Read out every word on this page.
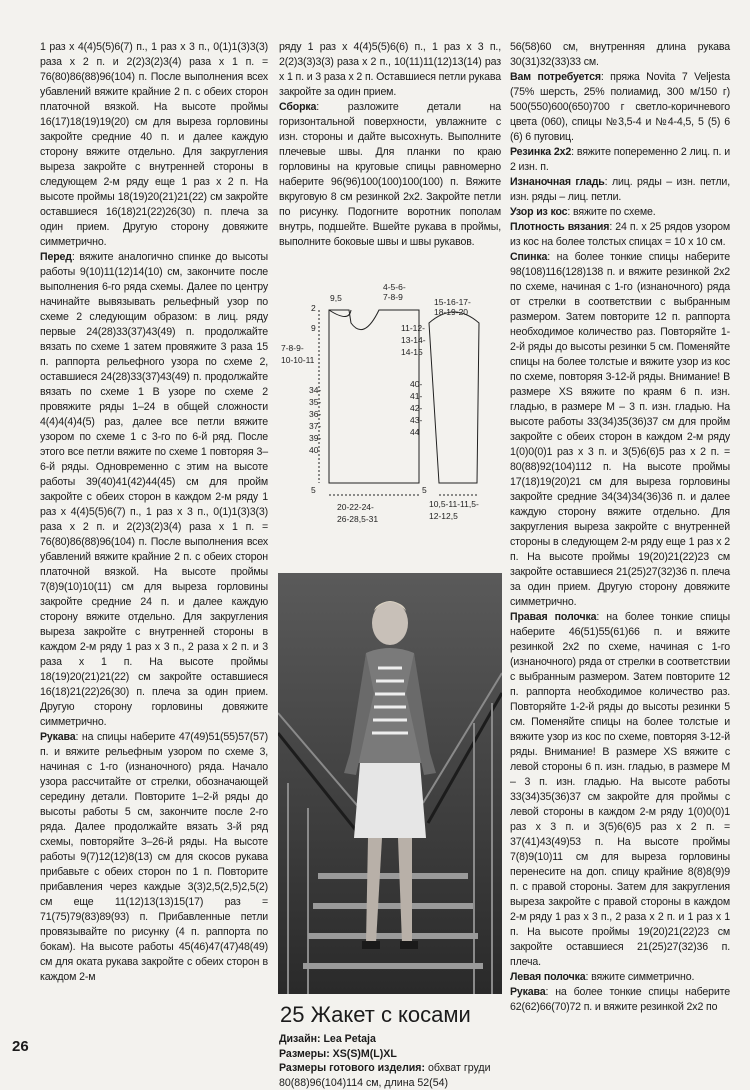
1 раз x 4(4)5(5)6(7) п., 1 раз x 3 п., 0(1)1(3)3(3) раза x 2 п. и 2(2)3(2)3(4) раза x 1 п. = 76(80)86(88)96(104) п. После выполнения всех убавлений вяжите крайние 2 п. с обеих сторон платочной вязкой. На высоте проймы 16(17)18(19)19(20) см для выреза горловины закройте средние 40 п. и далее каждую сторону вяжите отдельно. Для закругления выреза закройте с внутренней стороны в следующем 2-м ряду еще 1 раз x 2 п. На высоте проймы 18(19)20(21)21(22) см закройте оставшиеся 16(18)21(22)26(30) п. плеча за один прием. Другую сторону довяжите симметрично.

Перед: вяжите аналогично спинке до высоты работы 9(10)11(12)14(10) см, закончите после выполнения 6-го ряда схемы. Далее по центру начинайте вывязывать рельефный узор по схеме 2 следующим образом: в лиц. ряду первые 24(28)33(37)43(49) п. продолжайте вязать по схеме 1 затем провяжите 3 раза 15 п. раппорта рельефного узора по схеме 2, оставшиеся 24(28)33(37)43(49) п. продолжайте вязать по схеме 1 В узоре по схеме 2 провяжите ряды 1–24 в общей сложности 4(4)4(4)4(5) раз, далее все петли вяжите узором по схеме 1 с 3-го по 6-й ряд. После этого все петли вяжите по схеме 1 повторяя 3–6-й ряды. Одновременно с этим на высоте работы 39(40)41(42)44(45) см для пройм закройте с обеих сторон в каждом 2-м ряду 1 раз x 4(4)5(5)6(7) п., 1 раз x 3 п., 0(1)1(3)3(3) раза x 2 п. и 2(2)3(2)3(4) раза x 1 п. = 76(80)86(88)96(104) п. После выполнения всех убавлений вяжите крайние 2 п. с обеих сторон платочной вязкой. На высоте проймы 7(8)9(10)10(11) см для выреза горловины закройте средние 24 п. и далее каждую сторону вяжите отдельно. Для закругления выреза закройте с внутренней стороны в каждом 2-м ряду 1 раз x 3 п., 2 раза x 2 п. и 3 раза x 1 п. На высоте проймы 18(19)20(21)21(22) см закройте оставшиеся 16(18)21(22)26(30) п. плеча за один прием. Другую сторону горловины довяжите симметрично.

Рукава: на спицы наберите 47(49)51(55)57(57) п. и вяжите рельефным узором по схеме 3, начиная с 1-го (изнаночного) ряда. Начало узора рассчитайте от стрелки, обозначающей середину детали. Повторите 1–2-й ряды до высоты работы 5 см, закончите после 2-го ряда. Далее продолжайте вязать 3-й ряд схемы, повторяйте 3–26-й ряды. На высоте работы 9(7)12(12)8(13) см для скосов рукава прибавьте с обеих сторон по 1 п. Повторите прибавления через каждые 3(3)2,5(2,5)2,5(2) см еще 11(12)13(13)15(17) раз = 71(75)79(83)89(93) п. Прибавленные петли провязывайте по рисунку (4 п. раппорта по бокам). На высоте работы 45(46)47(47)48(49) см для оката рукава закройте с обеих сторон в каждом 2-м

ряду 1 раз x 4(4)5(5)6(6) п., 1 раз x 3 п., 2(2)3(3)3(3) раза x 2 п., 10(11)11(12)13(14) раз x 1 п. и 3 раза x 2 п. Оставшиеся петли рукава закройте за один прием.

Сборка: разложите детали на горизонтальной поверхности, увлажните с изн. стороны и дайте высохнуть. Выполните плечевые швы. Для планки по краю горловины на круговые спицы равномерно наберите 96(96)100(100)100(100) п. Вяжите вкруговую 8 см резинкой 2x2. Закройте петли по рисунку. Подогните воротник пополам внутрь, подшейте. Вшейте рукава в проймы, выполните боковые швы и швы рукавов.

9,5
4-5-6-
7-8-9
2
9
7-8-9-
10-10-11
34-
35-
36-
37-
39-
40
5
20-22-24-
26-28,5-31
15-16-17-
18-19-20
11-12-
13-14-
14-15
40-
41-
42-
43-
44
5
10,5-11-11,5-
12-12,5
25 Жакет с косами
Дизайн: Lea Petaja
Размеры: XS(S)M(L)XL
Размеры готового изделия: обхват груди 80(88)96(104)114 см, длина 52(54)

56(58)60 см, внутренняя длина рукава 30(31)32(33)33 см.

Вам потребуется: пряжа Novita 7 Veljesta (75% шерсть, 25% полиамид, 300 м/150 г) 500(550)600(650)700 г светло-коричневого цвета (060), спицы №3,5-4 и №4-4,5, 5 (5) 6 (6) 6 пуговиц.

Резинка 2x2: вяжите попеременно 2 лиц. п. и 2 изн. п.

Изнаночная гладь: лиц. ряды – изн. петли, изн. ряды – лиц. петли.

Узор из кос: вяжите по схеме.

Плотность вязания: 24 п. x 25 рядов узором из кос на более толстых спицах = 10 x 10 см.

Спинка: на более тонкие спицы наберите 98(108)116(128)138 п. и вяжите резинкой 2x2 по схеме, начиная с 1-го (изнаночного) ряда от стрелки в соответствии с выбранным размером. Затем повторите 12 п. раппорта необходимое количество раз. Повторяйте 1-2-й ряды до высоты резинки 5 см. Поменяйте спицы на более толстые и вяжите узор из кос по схеме, повторяя 3-12-й ряды. Внимание! В размере XS вяжите по краям 6 п. изн. гладью, в размере M – 3 п. изн. гладью. На высоте работы 33(34)35(36)37 см для пройм закройте с обеих сторон в каждом 2-м ряду 1(0)0(0)1 раз x 3 п. и 3(5)6(6)5 раз x 2 п. = 80(88)92(104)112 п. На высоте проймы 17(18)19(20)21 см для выреза горловины закройте средние 34(34)34(36)36 п. и далее каждую сторону вяжите отдельно. Для закругления выреза закройте с внутренней стороны в следующем 2-м ряду еще 1 раз x 2 п. На высоте проймы 19(20)21(22)23 см закройте оставшиеся 21(25)27(32)36 п. плеча за один прием. Другую сторону довяжите симметрично.

Правая полочка: на более тонкие спицы наберите 46(51)55(61)66 п. и вяжите резинкой 2x2 по схеме, начиная с 1-го (изнаночного) ряда от стрелки в соответствии с выбранным размером. Затем повторите 12 п. раппорта необходимое количество раз. Повторяйте 1-2-й ряды до высоты резинки 5 см. Поменяйте спицы на более толстые и вяжите узор из кос по схеме, повторяя 3-12-й ряды. Внимание! В размере XS вяжите с левой стороны 6 п. изн. гладью, в размере M – 3 п. изн. гладью. На высоте работы 33(34)35(36)37 см закройте для проймы с левой стороны в каждом 2-м ряду 1(0)0(0)1 раз x 3 п. и 3(5)6(6)5 раз x 2 п. = 37(41)43(49)53 п. На высоте проймы 7(8)9(10)11 см для выреза горловины перенесите на доп. спицу крайние 8(8)8(9)9 п. с правой стороны. Затем для закругления выреза закройте с правой стороны в каждом 2-м ряду 1 раз x 3 п., 2 раза x 2 п. и 1 раз x 1 п. На высоте проймы 19(20)21(22)23 см закройте оставшиеся 21(25)27(32)36 п. плеча.

Левая полочка: вяжите симметрично.

Рукава: на более тонкие спицы наберите 62(62)66(70)72 п. и вяжите резинкой 2x2 по

26
